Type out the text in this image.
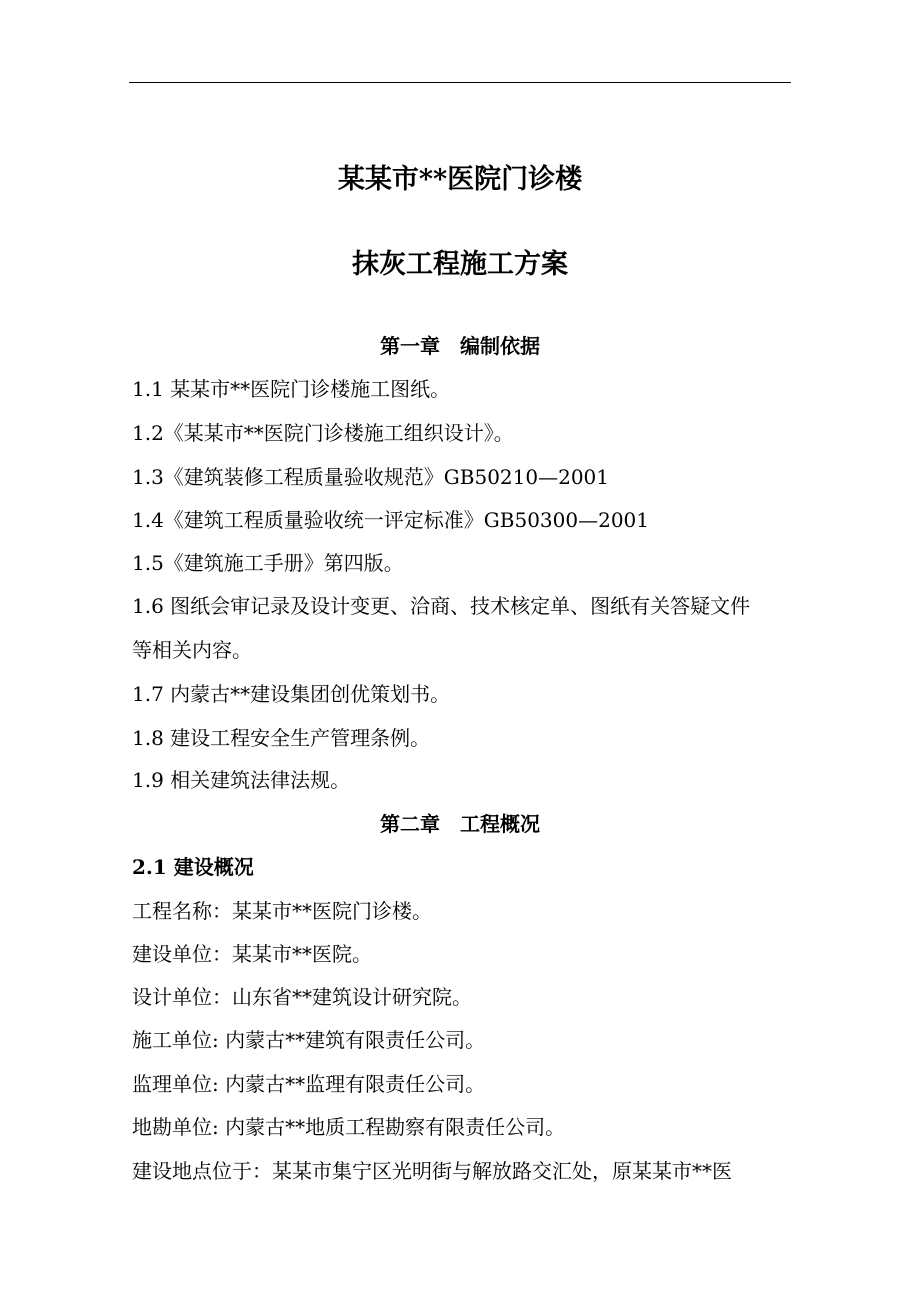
某某市**医院门诊楼
抹灰工程施工方案
第一章　编制依据

1.1 某某市**医院门诊楼施工图纸。

1.2《某某市**医院门诊楼施工组织设计》。

1.3《建筑装修工程质量验收规范》GB50210—2001

1.4《建筑工程质量验收统一评定标准》GB50300—2001

1.5《建筑施工手册》第四版。

1.6 图纸会审记录及设计变更、洽商、技术核定单、图纸有关答疑文件

等相关内容。

1.7 内蒙古**建设集团创优策划书。

1.8 建设工程安全生产管理条例。

1.9 相关建筑法律法规。

第二章　工程概况
2.1 建设概况

工程名称：某某市**医院门诊楼。

建设单位：某某市**医院。

设计单位：山东省**建筑设计研究院。

施工单位: 内蒙古**建筑有限责任公司。

监理单位: 内蒙古**监理有限责任公司。

地勘单位: 内蒙古**地质工程勘察有限责任公司。

建设地点位于：某某市集宁区光明街与解放路交汇处，原某某市**医
